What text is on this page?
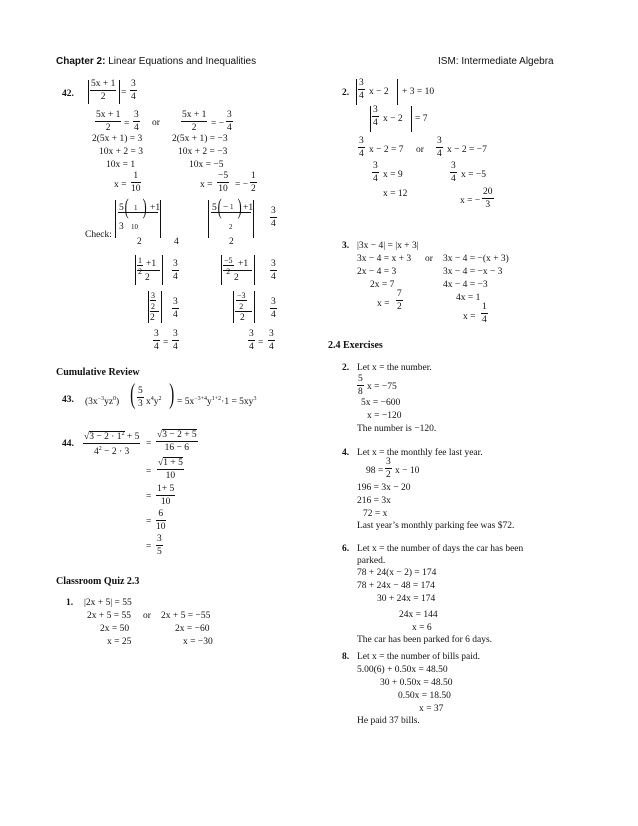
Chapter 2: Linear Equations and Inequalities	ISM: Intermediate Algebra
42.
5x + 1
2	=
3
4
5x + 1
2	=
3
4 or
2(5x + 1) = 3
10x + 2 = 3
10x = 1
x =
1
10
5x + 1
2	= −
3
4
2(5x + 1) = −3
10x + 2 = −3
10x = −5
x =
−5
10 = −
1
2
Check:
5 ( 1 ) +1
3 10
2	4
1
2
+1
2
3
4
3
2
2
3
4
3
4 =
3
4
5 ( − 1 ) +1
2
2
3
4
−5
2
+1
2
3
4
−3
2
2
3
4
3
4 =
3
4
Cumulative Review
43. $(3x^{-3}yz^0)$ ( 5
3 $x^4y^2$ ) = $5x^{-3+4}y^{1+2}\cdot 1 = 5xy^3$
44.
$√3 - 2 \cdot 1^2 + 5$
$4^2 - 2 \cdot 3$
=
√3 − 2 + 5
16 − 6
=
√1 + 5
10
=
1+ 5
10
=
6
10
=
3
5
Classroom Quiz 2.3
1. |2x + 5| = 55
2x + 5 = 55 or 2x + 5 = −55
2x = 50	2x = −60
x = 25	x = −30
2.
3
4 x − 2 + 3 = 10
3
4 x − 2 = 7
3
4 x − 2 = 7 or
3
4 x − 2 = −7
3
4 x = 9
3
4 x = −5
x = 12
x = −
20
3
3. |3x − 4| = |x + 3|
3x − 4 = x + 3 or 3x − 4 = −(x + 3)
2x − 4 = 3	3x − 4 = −x − 3
2x = 7	4x − 4 = −3
x =
7
2
4x = 1
x =
1
4
2.4 Exercises
2. Let x = the number.
5
8 x = −75
5x = −600
x = −120
The number is −120.
4. Let x = the monthly fee last year.
98 =
3
2 x − 10
196 = 3x − 20
216 = 3x
72 = x
Last year’s monthly parking fee was $72.
6. Let x = the number of days the car has been
parked.
78 + 24(x − 2) = 174
78 + 24x − 48 = 174
30 + 24x = 174
24x = 144
x = 6
The car has been parked for 6 days.
8. Let x = the number of bills paid.
5.00(6) + 0.50x = 48.50
30 + 0.50x = 48.50
0.50x = 18.50
x = 37
He paid 37 bills.
